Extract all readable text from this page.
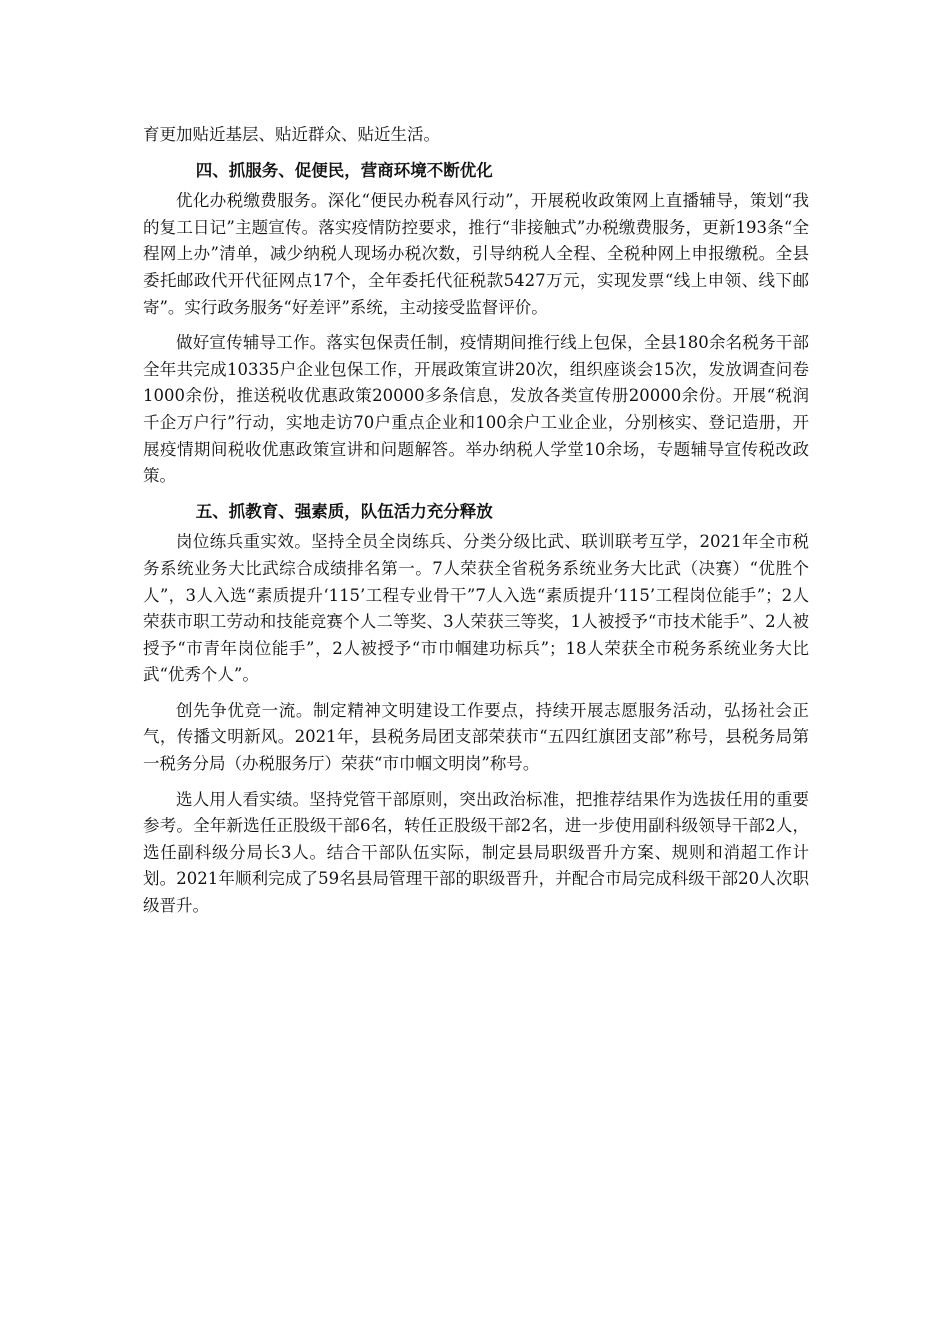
育更加贴近基层、贴近群众、贴近生活。

四、抓服务、促便民，营商环境不断优化

优化办税缴费服务。深化“便民办税春风行动”，开展税收政策网上直播辅导，策划“我的复工日记”主题宣传。落实疫情防控要求，推行“非接触式”办税缴费服务，更新193条“全程网上办”清单，减少纳税人现场办税次数，引导纳税人全程、全税种网上申报缴税。全县委托邮政代开代征网点17个，全年委托代征税款5427万元，实现发票“线上申领、线下邮寄”。实行政务服务“好差评”系统，主动接受监督评价。

做好宣传辅导工作。落实包保责任制，疫情期间推行线上包保，全县180余名税务干部全年共完成10335户企业包保工作，开展政策宣讲20次，组织座谈会15次，发放调查问卷1000余份，推送税收优惠政策20000多条信息，发放各类宣传册20000余份。开展“税润千企万户行”行动，实地走访70户重点企业和100余户工业企业，分别核实、登记造册，开展疫情期间税收优惠政策宣讲和问题解答。举办纳税人学堂10余场，专题辅导宣传税改政策。

五、抓教育、强素质，队伍活力充分释放

岗位练兵重实效。坚持全员全岗练兵、分类分级比武、联训联考互学，2021年全市税务系统业务大比武综合成绩排名第一。7人荣获全省税务系统业务大比武（决赛）“优胜个人”，3人入选“素质提升‘115’工程专业骨干”7人入选“素质提升‘115’工程岗位能手”；2人荣获市职工劳动和技能竞赛个人二等奖、3人荣获三等奖，1人被授予“市技术能手”、2人被授予“市青年岗位能手”，2人被授予“市巾帼建功标兵”；18人荣获全市税务系统业务大比武“优秀个人”。

创先争优竞一流。制定精神文明建设工作要点，持续开展志愿服务活动，弘扬社会正气，传播文明新风。2021年，县税务局团支部荣获市“五四红旗团支部”称号，县税务局第一税务分局（办税服务厅）荣获“市巾帼文明岗”称号。

选人用人看实绩。坚持党管干部原则，突出政治标准，把推荐结果作为选拔任用的重要参考。全年新选任正股级干部6名，转任正股级干部2名，进一步使用副科级领导干部2人，选任副科级分局长3人。结合干部队伍实际，制定县局职级晋升方案、规则和消超工作计划。2021年顺利完成了59名县局管理干部的职级晋升，并配合市局完成科级干部20人次职级晋升。
